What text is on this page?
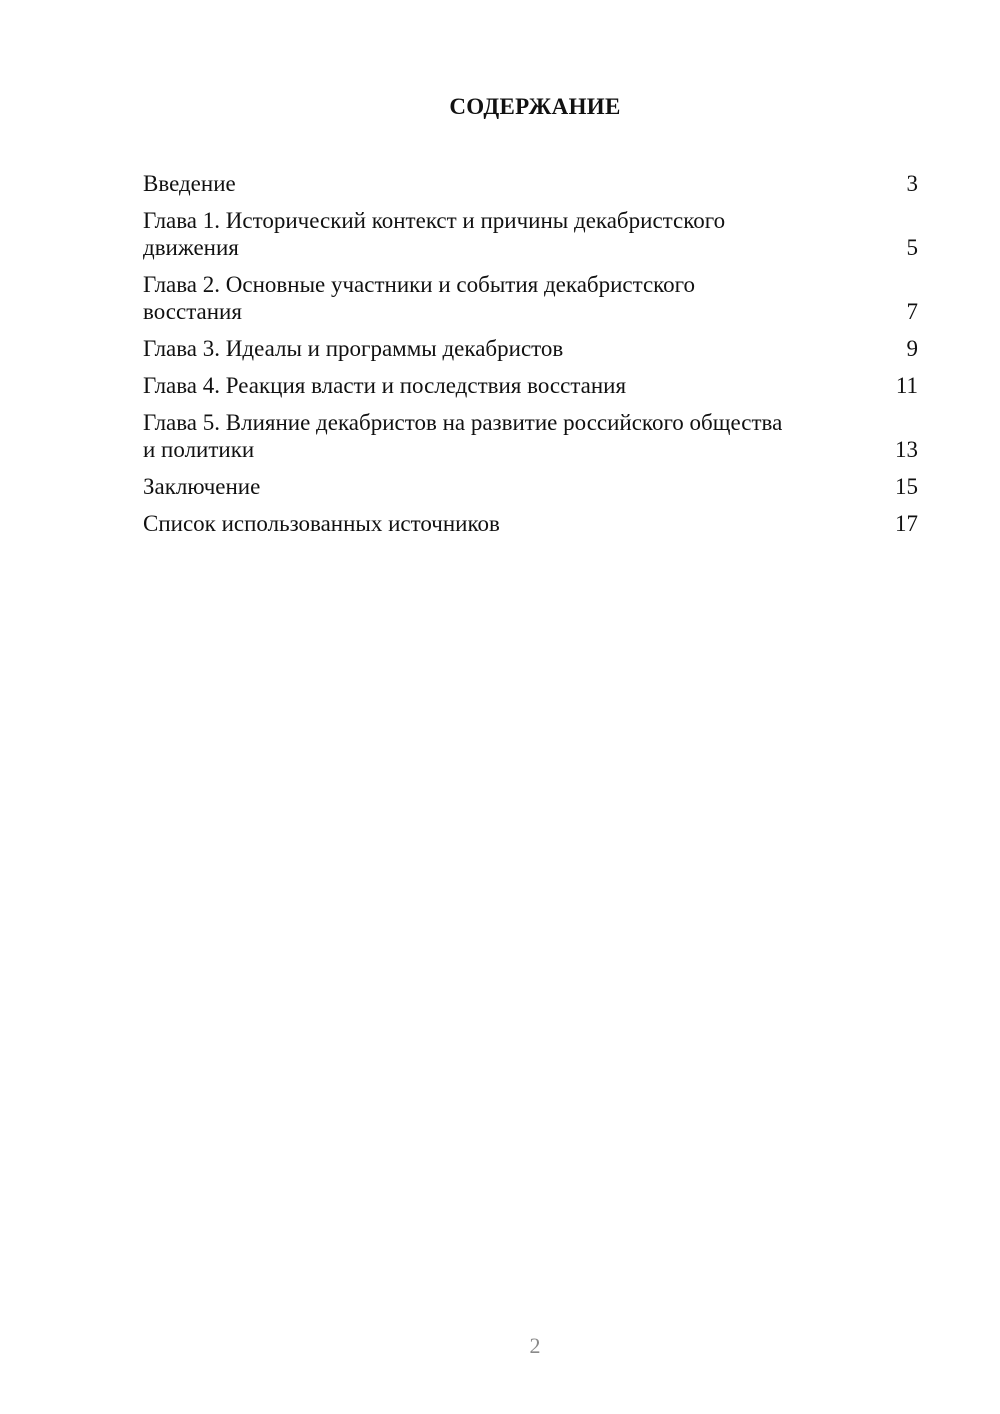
СОДЕРЖАНИЕ
Введение	3
Глава 1. Исторический контекст и причины декабристского движения	5
Глава 2. Основные участники и события декабристского восстания	7
Глава 3. Идеалы и программы декабристов	9
Глава 4. Реакция власти и последствия восстания	11
Глава 5. Влияние декабристов на развитие российского общества и политики	13
Заключение	15
Список использованных источников	17
2
